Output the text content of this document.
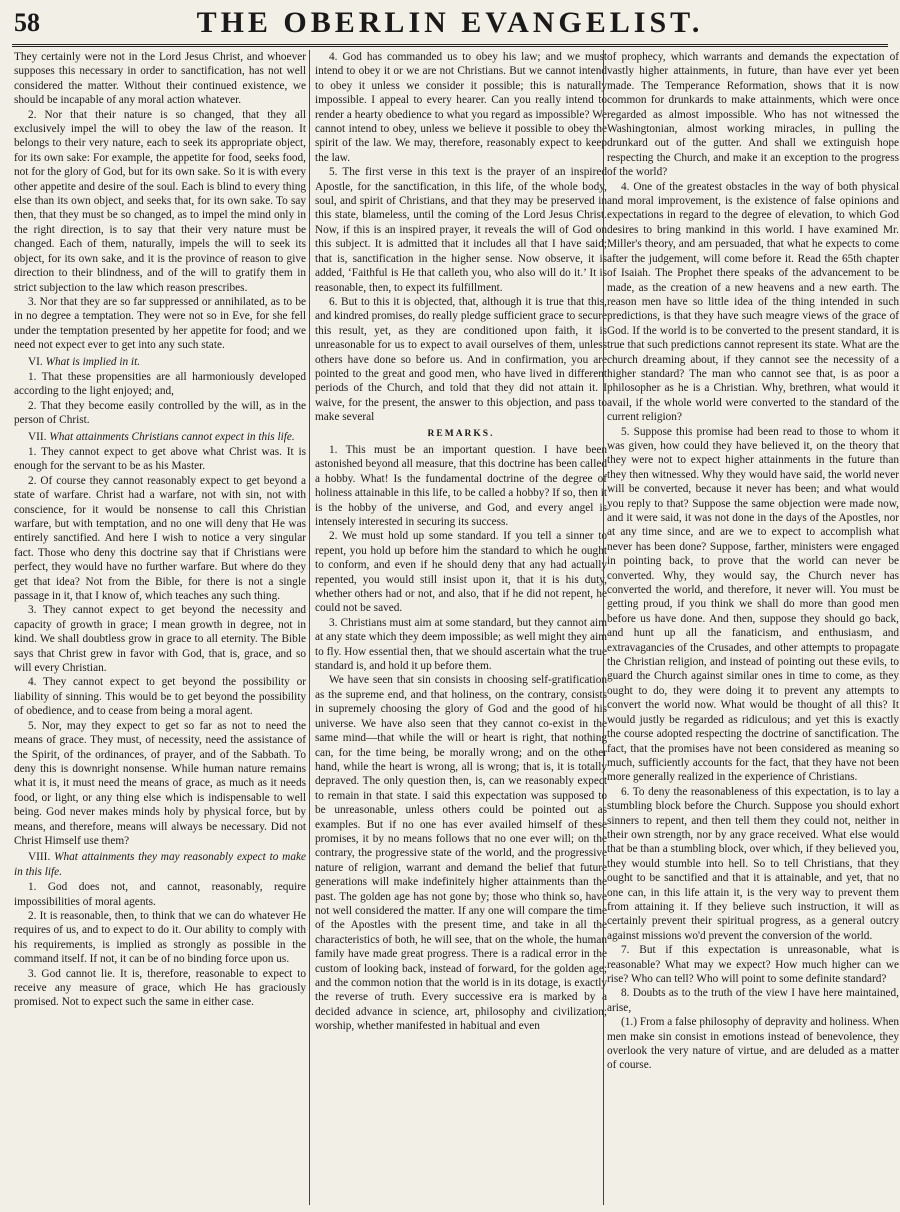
58	THE OBERLIN EVANGELIST.

They certainly were not in the Lord Jesus Christ, and whoever supposes this necessary in order to sanctification, has not well considered the matter. Without their continued existence, we should be incapable of any moral action whatever.

2. Nor that their nature is so changed, that they all exclusively impel the will to obey the law of the reason. It belongs to their very nature, each to seek its appropriate object, for its own sake: For example, the appetite for food, seeks food, not for the glory of God, but for its own sake. So it is with every other appetite and desire of the soul. Each is blind to every thing else than its own object, and seeks that, for its own sake. To say then, that they must be so changed, as to impel the mind only in the right direction, is to say that their very nature must be changed. Each of them, naturally, impels the will to seek its object, for its own sake, and it is the province of reason to give direction to their blindness, and of the will to gratify them in strict subjection to the law which reason prescribes.

3. Nor that they are so far suppressed or annihilated, as to be in no degree a temptation. They were not so in Eve, for she fell under the temptation presented by her appetite for food; and we need not expect ever to get into any such state.

VI. What is implied in it.

1. That these propensities are all harmoniously developed according to the light enjoyed; and,

2. That they become easily controlled by the will, as in the person of Christ.

VII. What attainments Christians cannot expect in this life.

1. They cannot expect to get above what Christ was. It is enough for the servant to be as his Master.

2. Of course they cannot reasonably expect to get beyond a state of warfare. Christ had a warfare, not with sin, not with conscience, for it would be nonsense to call this Christian warfare, but with temptation, and no one will deny that He was entirely sanctified. And here I wish to notice a very singular fact. Those who deny this doctrine say that if Christians were perfect, they would have no further warfare. But where do they get that idea? Not from the Bible, for there is not a single passage in it, that I know of, which teaches any such thing.

3. They cannot expect to get beyond the necessity and capacity of growth in grace; I mean growth in degree, not in kind. We shall doubtless grow in grace to all eternity. The Bible says that Christ grew in favor with God, that is, grace, and so will every Christian.

4. They cannot expect to get beyond the possibility or liability of sinning. This would be to get beyond the possibility of obedience, and to cease from being a moral agent.

5. Nor, may they expect to get so far as not to need the means of grace. They must, of necessity, need the assistance of the Spirit, of the ordinances, of prayer, and of the Sabbath. To deny this is downright nonsense. While human nature remains what it is, it must need the means of grace, as much as it needs food, or light, or any thing else which is indispensable to well being. God never makes minds holy by physical force, but by means, and therefore, means will always be necessary. Did not Christ Himself use them?

VIII. What attainments they may reasonably expect to make in this life.

1. God does not, and cannot, reasonably, require impossibilities of moral agents.

2. It is reasonable, then, to think that we can do whatever He requires of us, and to expect to do it. Our ability to comply with his requirements, is implied as strongly as possible in the command itself. If not, it can be of no binding force upon us.

3. God cannot lie. It is, therefore, reasonable to expect to receive any measure of grace, which He has graciously promised. Not to expect such the same in either case.

4. God has commanded us to obey his law; and we must intend to obey it or we are not Christians. But we cannot intend to obey it unless we consider it possible; this is naturally impossible. I appeal to every hearer. Can you really intend to render a hearty obedience to what you regard as impossible? We cannot intend to obey, unless we believe it possible to obey the spirit of the law. We may, therefore, reasonably expect to keep the law.

5. The first verse in this text is the prayer of an inspired Apostle, for the sanctification, in this life, of the whole body, soul, and spirit of Christians, and that they may be preserved in this state, blameless, until the coming of the Lord Jesus Christ. Now, if this is an inspired prayer, it reveals the will of God on this subject. It is admitted that it includes all that I have said; that is, sanctification in the higher sense. Now observe, it is added, ‘Faithful is He that calleth you, who also will do it.’ It is reasonable, then, to expect its fulfillment.

6. But to this it is objected, that, although it is true that this, and kindred promises, do really pledge sufficient grace to secure this result, yet, as they are conditioned upon faith, it is unreasonable for us to expect to avail ourselves of them, unless others have done so before us. And in confirmation, you are pointed to the great and good men, who have lived in different periods of the Church, and told that they did not attain it. I waive, for the present, the answer to this objection, and pass to make several

REMARKS.

1. This must be an important question. I have been astonished beyond all measure, that this doctrine has been called a hobby. What! Is the fundamental doctrine of the degree of holiness attainable in this life, to be called a hobby? If so, then it is the hobby of the universe, and God, and every angel is intensely interested in securing its success.

2. We must hold up some standard. If you tell a sinner to repent, you hold up before him the standard to which he ought to conform, and even if he should deny that any had actually repented, you would still insist upon it, that it is his duty, whether others had or not, and also, that if he did not repent, he could not be saved.

3. Christians must aim at some standard, but they cannot aim at any state which they deem impossible; as well might they aim to fly. How essential then, that we should ascertain what the true standard is, and hold it up before them.

We have seen that sin consists in choosing self-gratification as the supreme end, and that holiness, on the contrary, consists in supremely choosing the glory of God and the good of his universe. We have also seen that they cannot co-exist in the same mind—that while the will or heart is right, that nothing can, for the time being, be morally wrong; and on the other hand, while the heart is wrong, all is wrong; that is, it is totally depraved. The only question then, is, can we reasonably expect to remain in that state. I said this expectation was supposed to be unreasonable, unless others could be pointed out as examples. But if no one has ever availed himself of these promises, it by no means follows that no one ever will; on the contrary, the progressive state of the world, and the progressive nature of religion, warrant and demand the belief that future generations will make indefinitely higher attainments than the past. The golden age has not gone by; those who think so, have not well considered the matter. If any one will compare the time of the Apostles with the present time, and take in all the characteristics of both, he will see, that on the whole, the human family have made great progress. There is a radical error in the custom of looking back, instead of forward, for the golden age; and the common notion that the world is in its dotage, is exactly the reverse of truth. Every successive era is marked by a decided advance in science, art, philosophy and civilization; worship, whether manifested in habitual and even

of prophecy, which warrants and demands the expectation of vastly higher attainments, in future, than have ever yet been made. The Temperance Reformation, shows that it is now common for drunkards to make attainments, which were once regarded as almost impossible. Who has not witnessed the Washingtonian, almost working miracles, in pulling the drunkard out of the gutter. And shall we extinguish hope respecting the Church, and make it an exception to the progress of the world?

4. One of the greatest obstacles in the way of both physical and moral improvement, is the existence of false opinions and expectations in regard to the degree of elevation, to which God desires to bring mankind in this world. I have examined Mr. Miller's theory, and am persuaded, that what he expects to come after the judgement, will come before it. Read the 65th chapter of Isaiah. The Prophet there speaks of the advancement to be made, as the creation of a new heavens and a new earth. The reason men have so little idea of the thing intended in such predictions, is that they have such meagre views of the grace of God. If the world is to be converted to the present standard, it is true that such predictions cannot represent its state. What are the church dreaming about, if they cannot see the necessity of a higher standard? The man who cannot see that, is as poor a philosopher as he is a Christian. Why, brethren, what would it avail, if the whole world were converted to the standard of the current religion?

5. Suppose this promise had been read to those to whom it was given, how could they have believed it, on the theory that they were not to expect higher attainments in the future than they then witnessed. Why they would have said, the world never will be converted, because it never has been; and what would you reply to that? Suppose the same objection were made now, and it were said, it was not done in the days of the Apostles, nor at any time since, and are we to expect to accomplish what never has been done? Suppose, farther, ministers were engaged in pointing back, to prove that the world can never be converted. Why, they would say, the Church never has converted the world, and therefore, it never will. You must be getting proud, if you think we shall do more than good men before us have done. And then, suppose they should go back, and hunt up all the fanaticism, and enthusiasm, and extravagancies of the Crusades, and other attempts to propagate the Christian religion, and instead of pointing out these evils, to guard the Church against similar ones in time to come, as they ought to do, they were doing it to prevent any attempts to convert the world now. What would be thought of all this? It would justly be regarded as ridiculous; and yet this is exactly the course adopted respecting the doctrine of sanctification. The fact, that the promises have not been considered as meaning so much, sufficiently accounts for the fact, that they have not been more generally realized in the experience of Christians.

6. To deny the reasonableness of this expectation, is to lay a stumbling block before the Church. Suppose you should exhort sinners to repent, and then tell them they could not, neither in their own strength, nor by any grace received. What else would that be than a stumbling block, over which, if they believed you, they would stumble into hell. So to tell Christians, that they ought to be sanctified and that it is attainable, and yet, that no one can, in this life attain it, is the very way to prevent them from attaining it. If they believe such instruction, it will as certainly prevent their spiritual progress, as a general outcry against missions wo'd prevent the conversion of the world.

7. But if this expectation is unreasonable, what is reasonable? What may we expect? How much higher can we rise? Who can tell? Who will point to some definite standard?

8. Doubts as to the truth of the view I have here maintained, arise,

(1.) From a false philosophy of depravity and holiness. When men make sin consist in emotions instead of benevolence, they overlook the very nature of virtue, and are deluded as a matter of course.
